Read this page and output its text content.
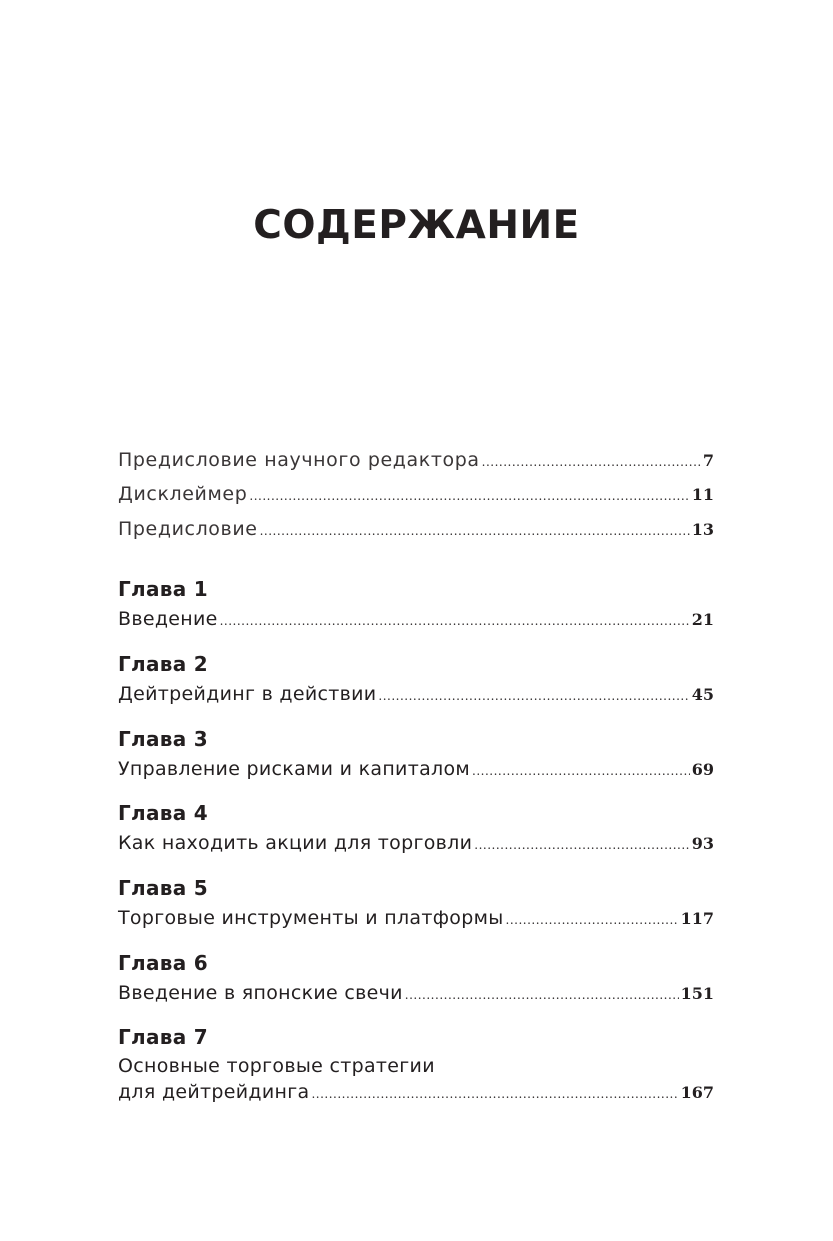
СОДЕРЖАНИЕ
Предисловие научного редактора .....	7
Дисклеймер .....	11
Предисловие .....	13
Глава 1
Введение .....	21
Глава 2
Дейтрейдинг в действии .....	45
Глава 3
Управление рисками и капиталом .....	69
Глава 4
Как находить акции для торговли .....	93
Глава 5
Торговые инструменты и платформы .....	117
Глава 6
Введение в японские свечи .....	151
Глава 7
Основные торговые стратегии
для дейтрейдинга .....	167
